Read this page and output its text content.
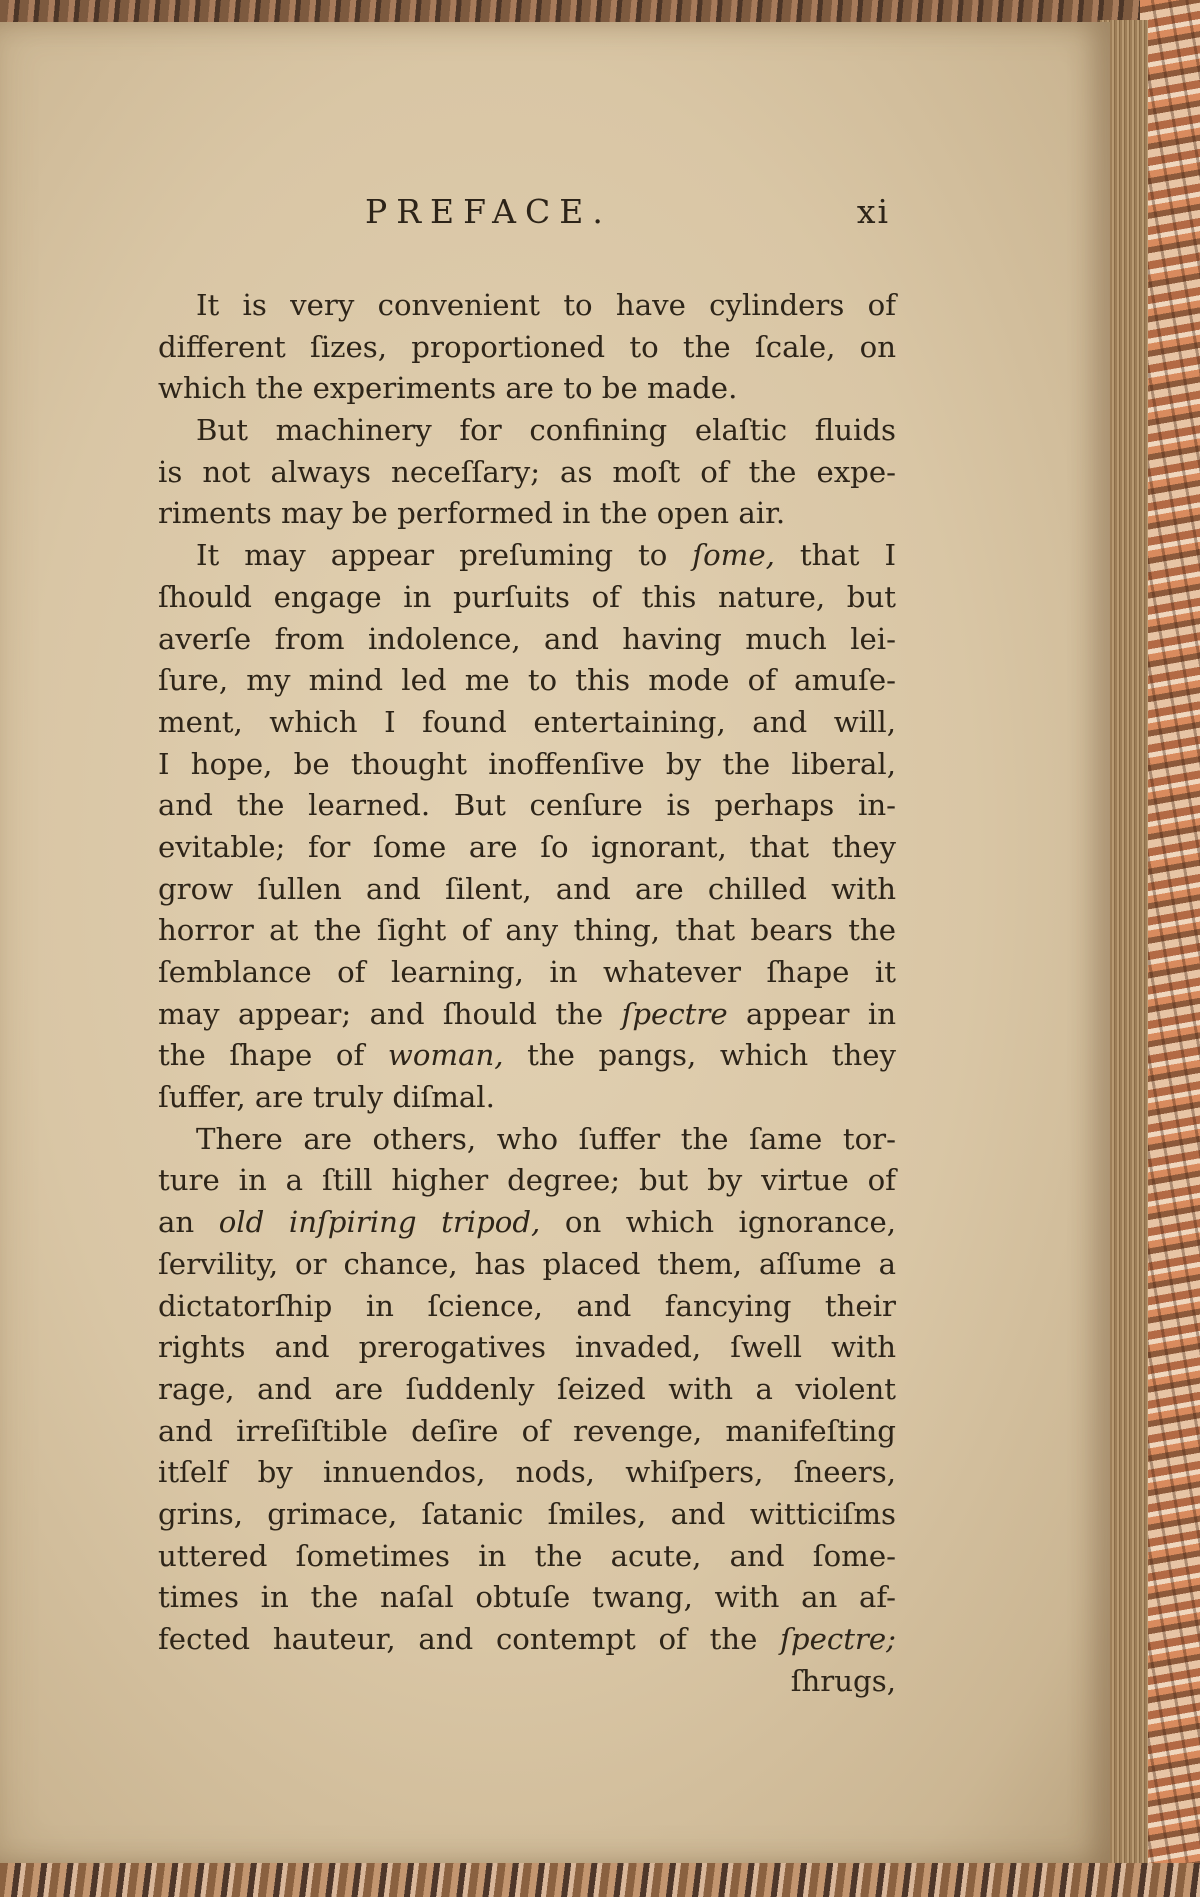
PREFACE.	xi
It is very convenient to have cylinders of
different ſizes, proportioned to the ſcale, on
which the experiments are to be made.
But machinery for confining elaſtic fluids
is not always neceſſary; as moſt of the expe-
riments may be performed in the open air.
It may appear preſuming to ſome, that I
ſhould engage in purſuits of this nature, but
averſe from indolence, and having much lei-
ſure, my mind led me to this mode of amuſe-
ment, which I found entertaining, and will,
I hope, be thought inoffenſive by the liberal,
and the learned. But cenſure is perhaps in-
evitable; for ſome are ſo ignorant, that they
grow ſullen and ſilent, and are chilled with
horror at the ſight of any thing, that bears the
ſemblance of learning, in whatever ſhape it
may appear; and ſhould the ſpectre appear in
the ſhape of woman, the pangs, which they
ſuffer, are truly diſmal.
There are others, who ſuffer the ſame tor-
ture in a ſtill higher degree; but by virtue of
an old inſpiring tripod, on which ignorance,
ſervility, or chance, has placed them, aſſume a
dictatorſhip in ſcience, and fancying their
rights and prerogatives invaded, ſwell with
rage, and are ſuddenly ſeized with a violent
and irreſiſtible deſire of revenge, manifeſting
itſelf by innuendos, nods, whiſpers, ſneers,
grins, grimace, ſatanic ſmiles, and witticiſms
uttered ſometimes in the acute, and ſome-
times in the naſal obtuſe twang, with an af-
fected hauteur, and contempt of the ſpectre;
ſhrugs,
